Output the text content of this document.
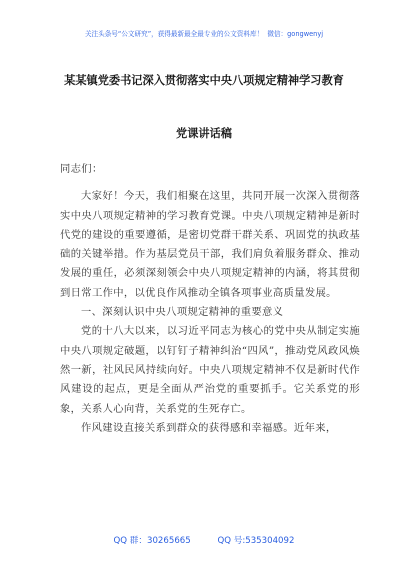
关注头条号“公文研究”，获得最新最全最专业的公文资料库！ 微信：gongwenyj
某某镇党委书记深入贯彻落实中央八项规定精神学习教育
党课讲话稿

同志们：

大家好！今天，我们相聚在这里，共同开展一次深入贯彻落实中央八项规定精神的学习教育党课。中央八项规定精神是新时代党的建设的重要遵循，是密切党群干群关系、巩固党的执政基础的关键举措。作为基层党员干部，我们肩负着服务群众、推动发展的重任，必须深刻领会中央八项规定精神的内涵，将其贯彻到日常工作中，以优良作风推动全镇各项事业高质量发展。

一、深刻认识中央八项规定精神的重要意义

党的十八大以来，以习近平同志为核心的党中央从制定实施中央八项规定破题，以钉钉子精神纠治“四风”，推动党风政风焕然一新，社风民风持续向好。中央八项规定精神不仅是新时代作风建设的起点，更是全面从严治党的重要抓手。它关系党的形象，关系人心向背，关系党的生死存亡。

作风建设直接关系到群众的获得感和幸福感。近年来，

QQ 群：30265665	QQ 号:535304092
